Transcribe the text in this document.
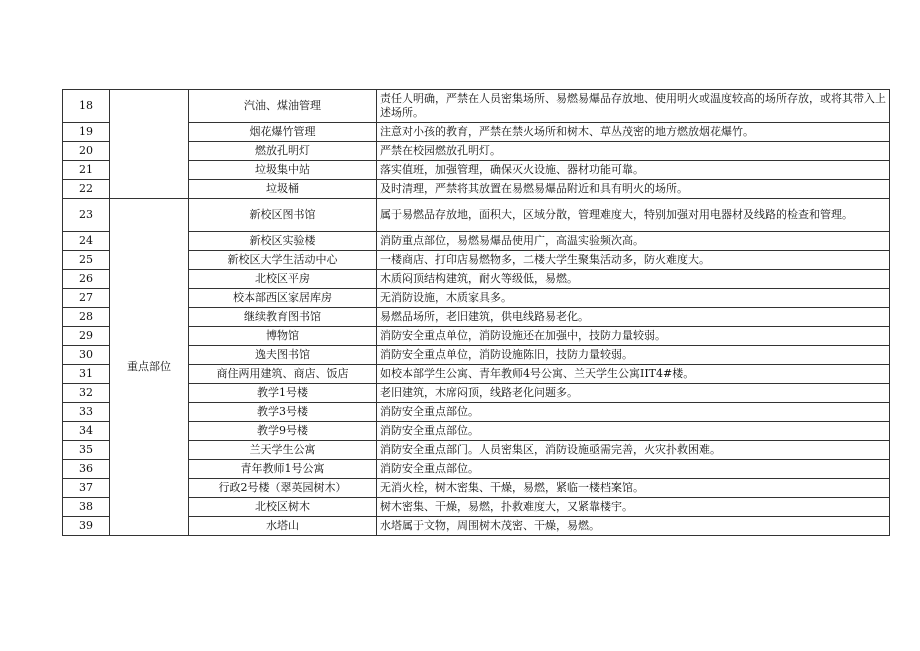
18		汽油、煤油管理	责任人明确，严禁在人员密集场所、易燃易爆品存放地、使用明火或温度较高的场所存放，或将其带入上述场所。
19		烟花爆竹管理	注意对小孩的教育，严禁在禁火场所和树木、草丛茂密的地方燃放烟花爆竹。
20		燃放孔明灯	严禁在校园燃放孔明灯。
21		垃圾集中站	落实值班，加强管理，确保灭火设施、器材功能可靠。
22		垃圾桶	及时清理，严禁将其放置在易燃易爆品附近和具有明火的场所。
23	重点部位	新校区图书馆	属于易燃品存放地，面积大，区域分散，管理难度大，特别加强对用电器材及线路的检查和管理。
24		新校区实验楼	消防重点部位，易燃易爆品使用广，高温实验频次高。
25		新校区大学生活动中心	一楼商店、打印店易燃物多，二楼大学生聚集活动多，防火难度大。
26		北校区平房	木质闷顶结构建筑，耐火等级低，易燃。
27		校本部西区家居库房	无消防设施，木质家具多。
28		继续教育图书馆	易燃品场所，老旧建筑，供电线路易老化。
29		博物馆	消防安全重点单位，消防设施还在加强中，技防力量较弱。
30		逸夫图书馆	消防安全重点单位，消防设施陈旧，技防力量较弱。
31		商住两用建筑、商店、饭店	如校本部学生公寓、青年教师4号公寓、兰天学生公寓IIT4#楼。
32		教学1号楼	老旧建筑，木席闷顶，线路老化问题多。
33		教学3号楼	消防安全重点部位。
34		教学9号楼	消防安全重点部位。
35		兰天学生公寓	消防安全重点部门。人员密集区，消防设施亟需完善，火灾扑救困难。
36		青年教师1号公寓	消防安全重点部位。
37		行政2号楼（翠英园树木）	无消火栓，树木密集、干燥，易燃，紧临一楼档案馆。
38		北校区树木	树木密集、干燥，易燃，扑救难度大，又紧靠楼宇。
39		水塔山	水塔属于文物，周围树木茂密、干燥，易燃。
